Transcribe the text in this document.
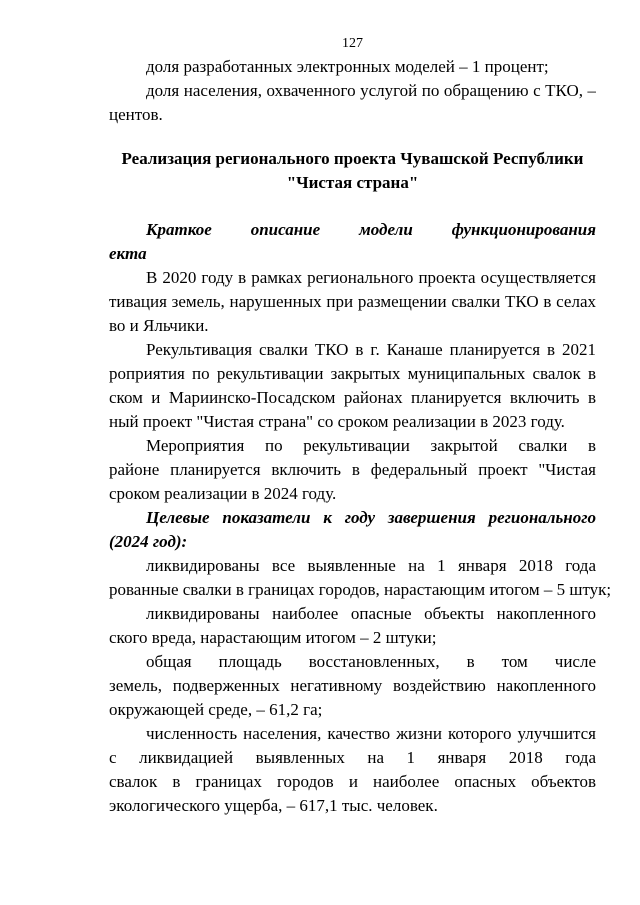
127
доля разработанных электронных моделей – 1 процент;
доля населения, охваченного услугой по обращению с ТКО, –
центов.
Реализация регионального проекта Чувашской Республики
"Чистая страна"
Краткое описание модели функционирования
екта
В 2020 году в рамках регионального проекта осуществляется
тивация земель, нарушенных при размещении свалки ТКО в селах
во и Яльчики.
Рекультивация свалки ТКО в г. Канаше планируется в 2021
роприятия по рекультивации закрытых муниципальных свалок в
ском и Мариинско-Посадском районах планируется включить в
ный проект "Чистая страна" со сроком реализации в 2023 году.
Мероприятия по рекультивации закрытой свалки в
районе планируется включить в федеральный проект "Чистая
сроком реализации в 2024 году.
Целевые показатели к году завершения регионального
(2024 год):
ликвидированы все выявленные на 1 января 2018 года
рованные свалки в границах городов, нарастающим итогом – 5 штук;
ликвидированы наиболее опасные объекты накопленного
ского вреда, нарастающим итогом – 2 штуки;
общая площадь восстановленных, в том числе
земель, подверженных негативному воздействию накопленного
окружающей среде, – 61,2 га;
численность населения, качество жизни которого улучшится
с ликвидацией выявленных на 1 января 2018 года
свалок в границах городов и наиболее опасных объектов
экологического ущерба, – 617,1 тыс. человек.
